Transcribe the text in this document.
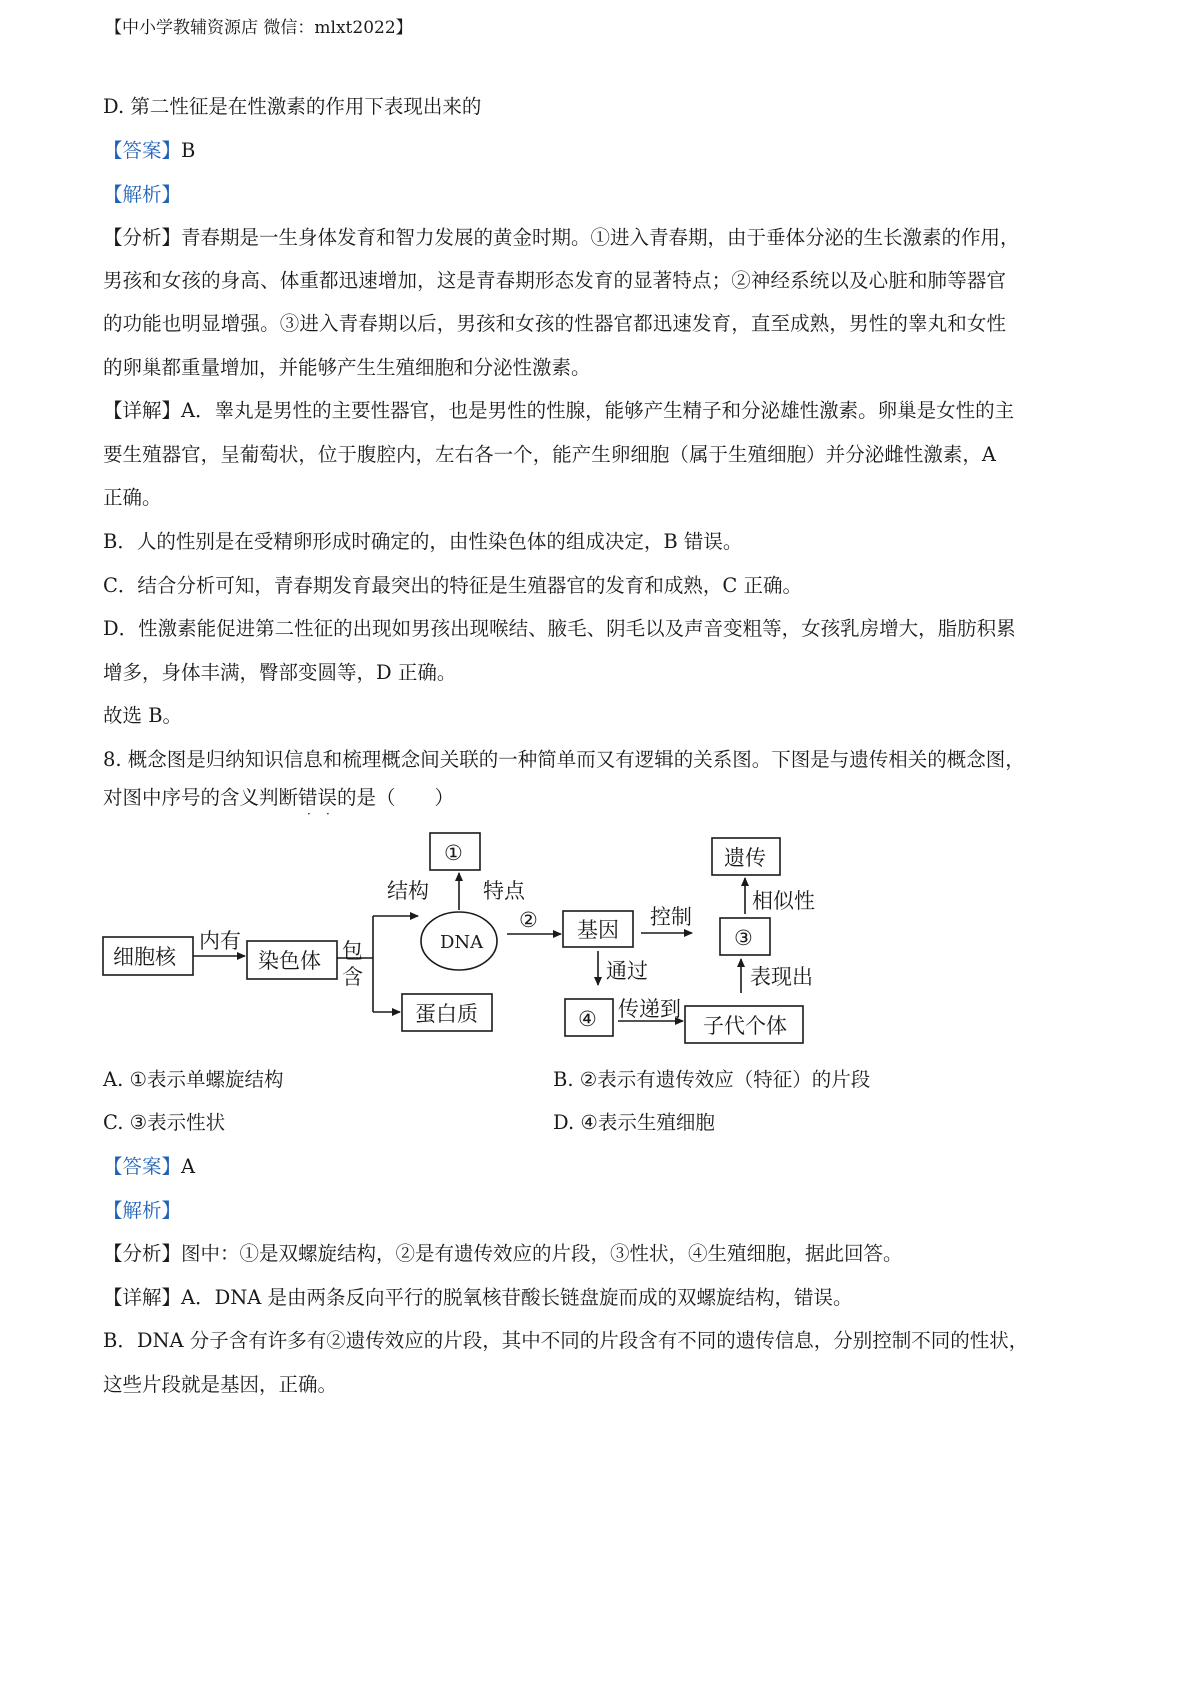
【中小学教辅资源店 微信：mlxt2022】
D. 第二性征是在性激素的作用下表现出来的
【答案】B
【解析】
【分析】青春期是一生身体发育和智力发展的黄金时期。①进入青春期，由于垂体分泌的生长激素的作用，
男孩和女孩的身高、体重都迅速增加，这是青春期形态发育的显著特点；②神经系统以及心脏和肺等器官
的功能也明显增强。③进入青春期以后，男孩和女孩的性器官都迅速发育，直至成熟，男性的睾丸和女性
的卵巢都重量增加，并能够产生生殖细胞和分泌性激素。
【详解】A．睾丸是男性的主要性器官，也是男性的性腺，能够产生精子和分泌雄性激素。卵巢是女性的主
要生殖器官，呈葡萄状，位于腹腔内，左右各一个，能产生卵细胞（属于生殖细胞）并分泌雌性激素，A
正确。
B．人的性别是在受精卵形成时确定的，由性染色体的组成决定，B 错误。
C．结合分析可知，青春期发育最突出的特征是生殖器官的发育和成熟，C 正确。
D．性激素能促进第二性征的出现如男孩出现喉结、腋毛、阴毛以及声音变粗等，女孩乳房增大，脂肪积累
增多，身体丰满，臀部变圆等，D 正确。
故选 B。
8. 概念图是归纳知识信息和梳理概念间关联的一种简单而又有逻辑的关系图。下图是与遗传相关的概念图，
对图中序号的含义判断错误的是（　　）
· ·
细胞核	染色体
①
DNA
蛋白质
基因
遗传
③
④	子代个体
内有	包
含
结构	特点
②	控制
相似性
通过	表现出
传递到
A. ①表示单螺旋结构	B. ②表示有遗传效应（特征）的片段
C. ③表示性状	D. ④表示生殖细胞
【答案】A
【解析】
【分析】图中：①是双螺旋结构，②是有遗传效应的片段，③性状，④生殖细胞，据此回答。
【详解】A．DNA 是由两条反向平行的脱氧核苷酸长链盘旋而成的双螺旋结构，错误。
B．DNA 分子含有许多有②遗传效应的片段，其中不同的片段含有不同的遗传信息，分别控制不同的性状，
这些片段就是基因，正确。
